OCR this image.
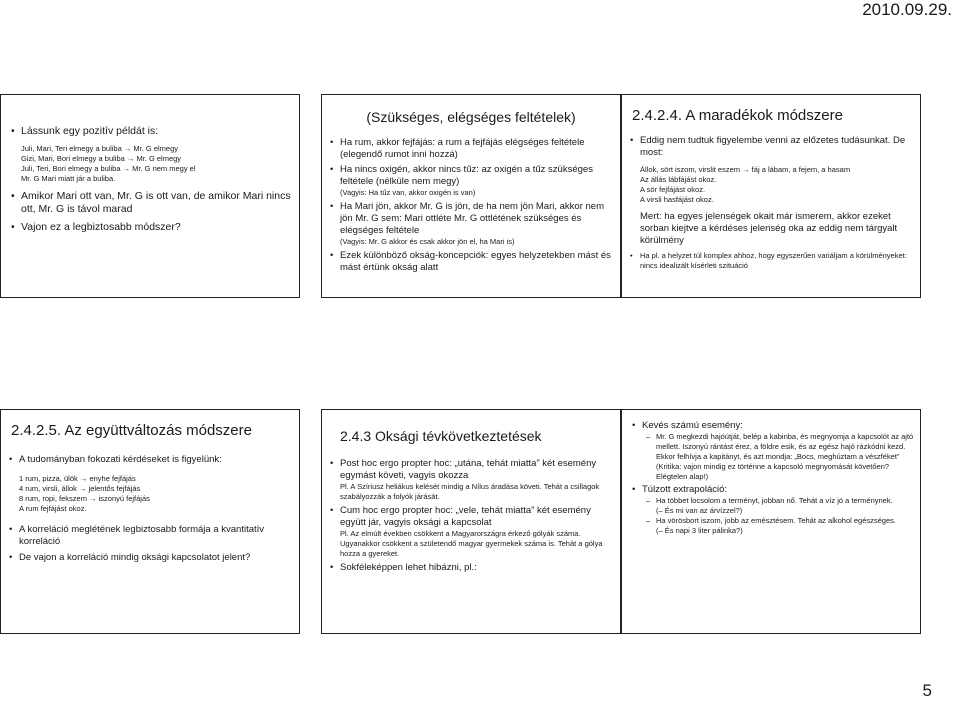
2010.09.29.
• Lássunk egy pozitív példát is:
Juli, Mari, Teri elmegy a buliba → Mr. G elmegy
Gizi, Mari, Bori elmegy a buliba → Mr. G elmegy
Juli, Teri, Bori elmegy a buliba → Mr. G nem megy el
Mr. G Mari miatt jár a buliba.
• Amikor Mari ott van, Mr. G is ott van, de amikor Mari nincs ott, Mr. G is távol marad
• Vajon ez a legbiztosabb módszer?
(Szükséges, elégséges feltételek)
• Ha rum, akkor fejfájás: a rum a fejfájás elégséges feltétele (elegendő rumot inni hozzá)
• Ha nincs oxigén, akkor nincs tűz: az oxigén a tűz szükséges feltétele (nélküle nem megy)
(Vagyis: Ha tűz van, akkor oxigén is van)
• Ha Mari jön, akkor Mr. G is jön, de ha nem jön Mari, akkor nem jön Mr. G sem: Mari ottléte Mr. G ottlétének szükséges és elégséges feltétele
(Vagyis: Mr. G akkor és csak akkor jön el, ha Mari is)
• Ezek különböző okság-koncepciók: egyes helyzetekben mást és mást értünk okság alatt
2.4.2.4. A maradékok módszere
• Eddig nem tudtuk figyelembe venni az előzetes tudásunkat. De most:
Állok, sört iszom, virslit eszem → fáj a lábam, a fejem, a hasam
Az állás lábfájást okoz.
A sör fejfájást okoz.
A virsli hasfájást okoz.
Mert: ha egyes jelenségek okait már ismerem, akkor ezeket sorban kiejtve a kérdéses jelenség oka az eddig nem tárgyalt körülmény
• Ha pl. a helyzet túl komplex ahhoz, hogy egyszerűen variáljam a körülményeket: nincs idealizált kísérleti szituáció
2.4.2.5. Az együttváltozás módszere
• A tudományban fokozati kérdéseket is figyelünk:
1 rum, pizza, ülök → enyhe fejfájás
4 rum, virsli, állok → jelentős fejfájás
8 rum, ropi, fekszem → iszonyú fejfájás
A rum fejfájást okoz.
• A korreláció meglétének legbiztosabb formája a kvantitatív korreláció
• De vajon a korreláció mindig oksági kapcsolatot jelent?
2.4.3 Oksági tévkövetkeztetések
• Post hoc ergo propter hoc: „utána, tehát miatta” két esemény egymást követi, vagyis okozza
Pl. A Szíriusz heliákus kelését mindig a Nílus áradása követi. Tehát a csillagok szabályozzák a folyók járását.
• Cum hoc ergo propter hoc: „vele, tehát miatta” két esemény együtt jár, vagyis oksági a kapcsolat
Pl. Az elmúlt években csökkent a Magyarországra érkező gólyák száma. Ugyanakkor csökkent a születendő magyar gyermekek száma is. Tehát a gólya hozza a gyereket.
• Sokféleképpen lehet hibázni, pl.:
• Kevés számú esemény:
– Mr. G megkezdi hajóútját, belép a kabinba, és megnyomja a kapcsolót az ajtó mellett. Iszonyú rántást érez, a földre esik, és az egész hajó rázkódni kezd. Ekkor felhívja a kapitányt, és azt mondja: „Bocs, meghúztam a vészféket”
(Kritika: vajon mindig ez történne a kapcsoló megnyomását követően? Elégtelen alap!)
• Túlzott extrapoláció:
– Ha többet locsolom a terményt, jobban nő. Tehát a víz jó a terménynek.
(– És mi van az árvízzel?)
– Ha vörösbort iszom, jobb az emésztésem. Tehát az alkohol egészséges.
(– És napi 3 liter pálinka?)
5
